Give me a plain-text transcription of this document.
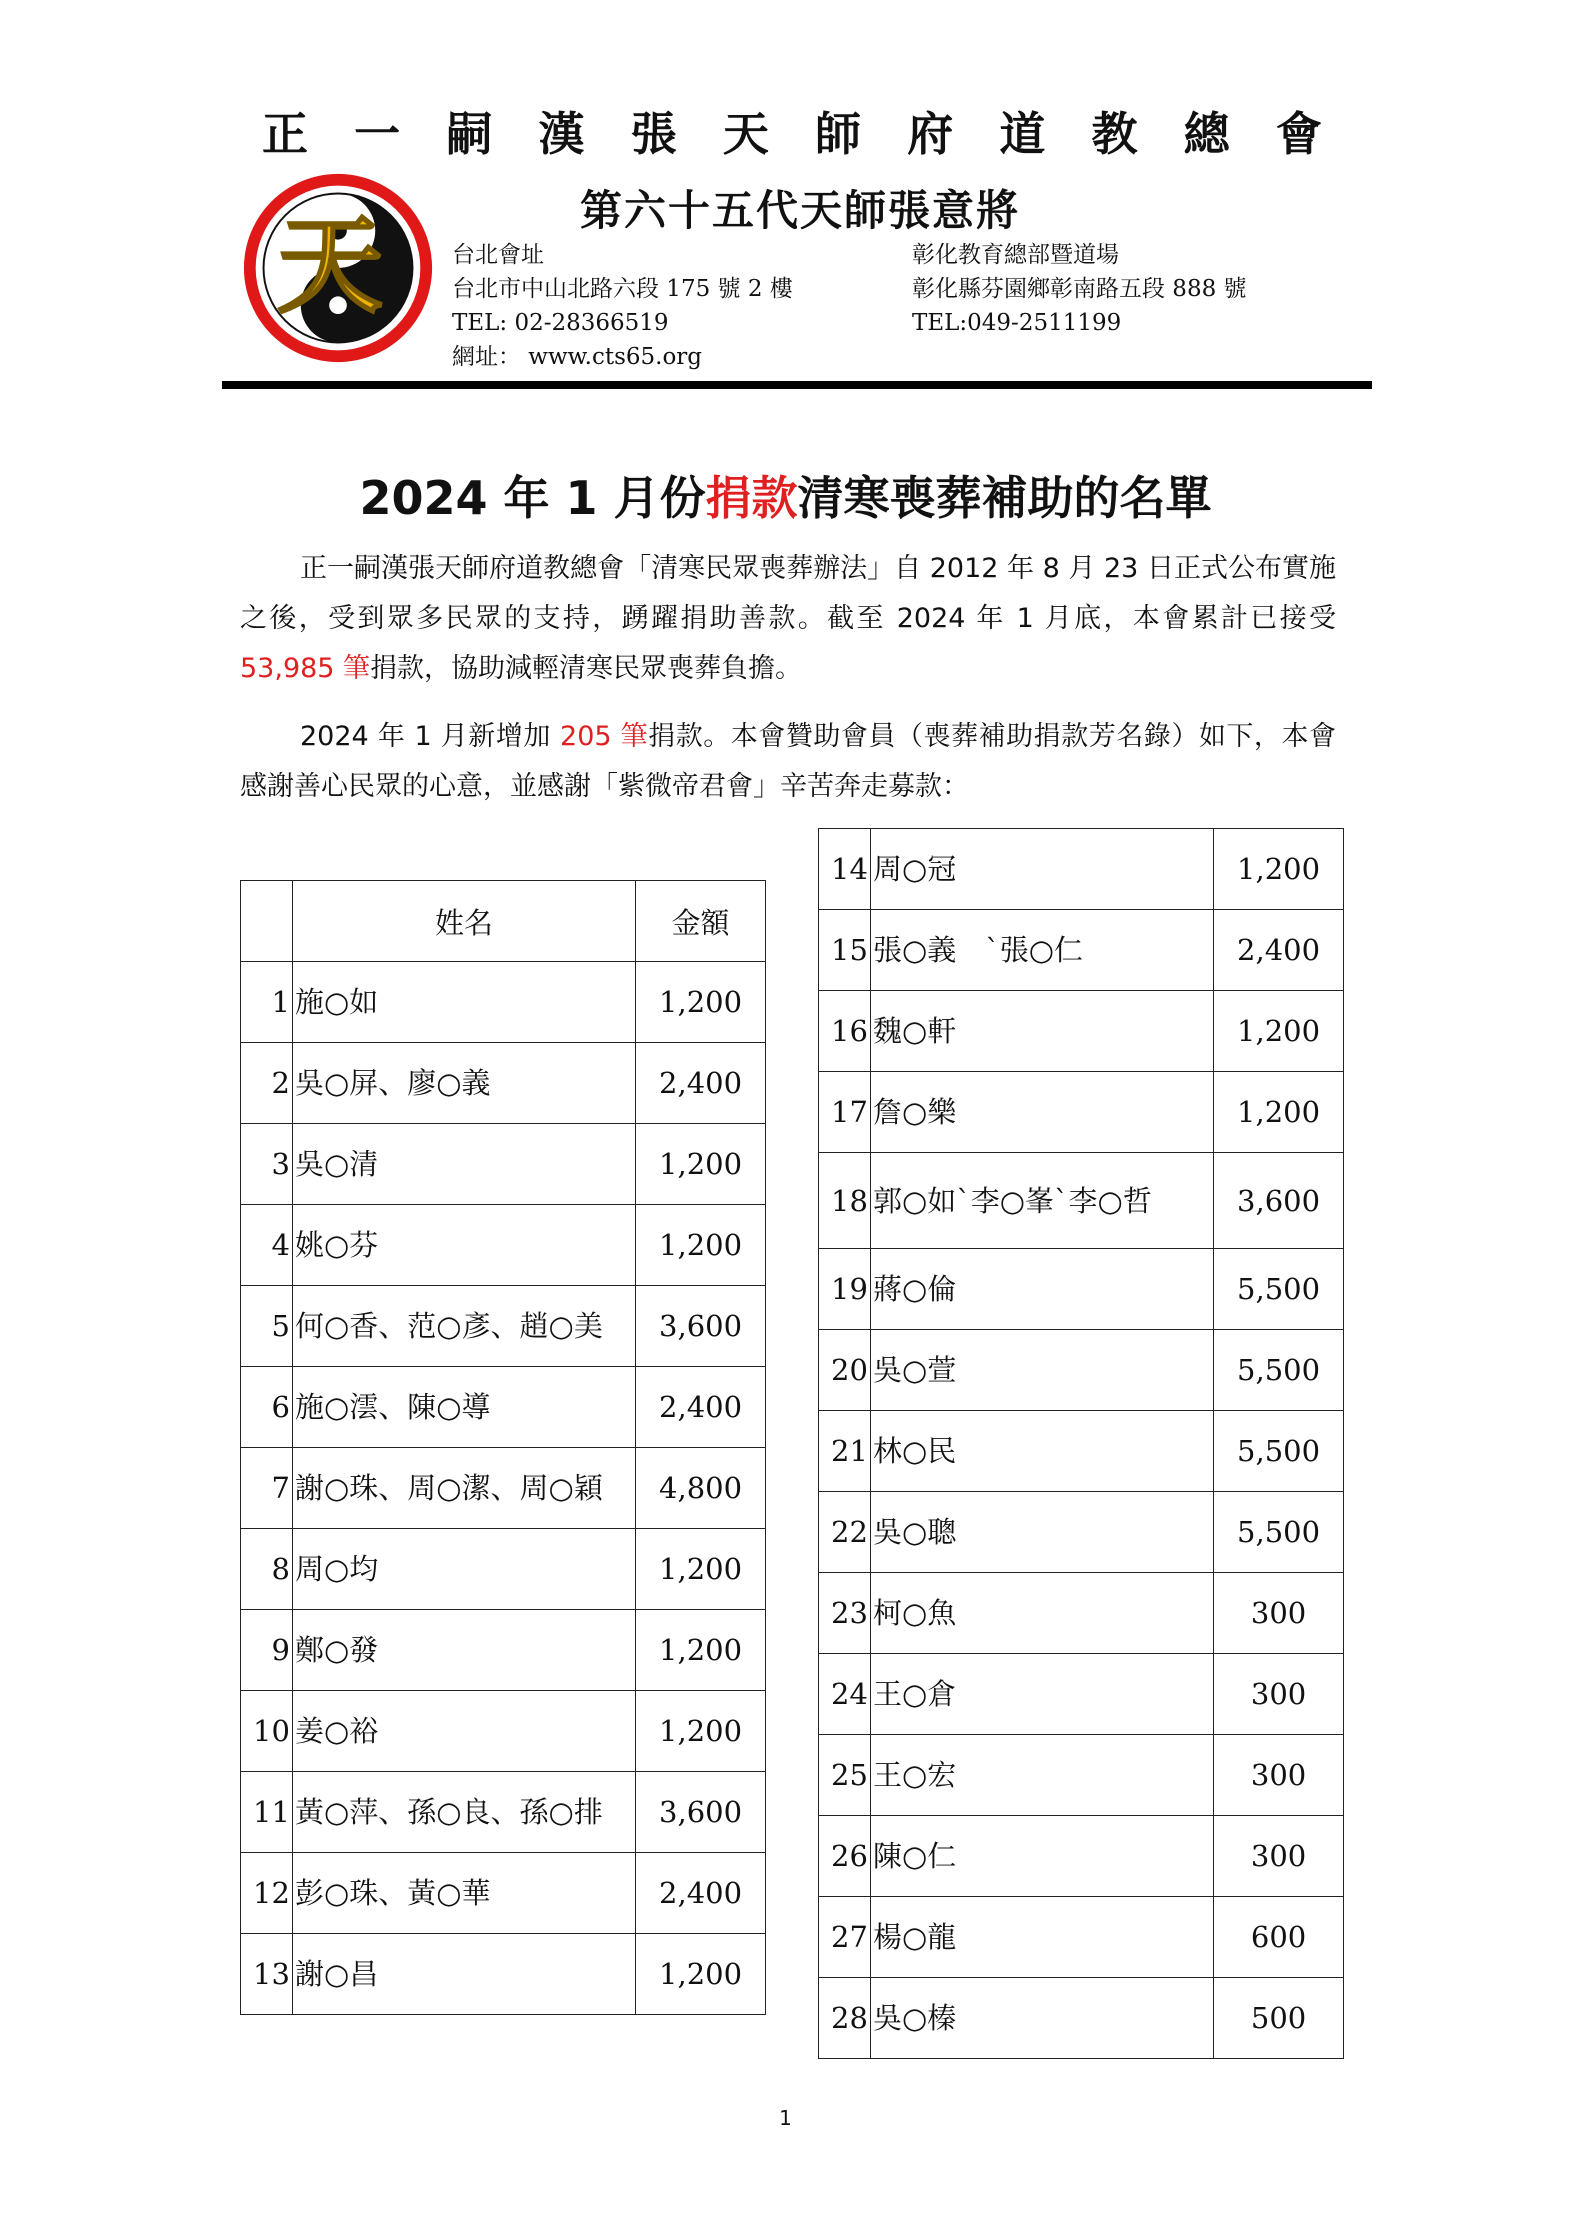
正 一 嗣 漢 張 天 師 府 道 教 總 會
第六十五代天師張意將
天	台北會址
台北市中山北路六段 175 號 2 樓
TEL: 02-28366519
網址： www.cts65.org
彰化教育總部暨道場
彰化縣芬園鄉彰南路五段 888 號
TEL:049-2511199
2024 年 1 月份捐款清寒喪葬補助的名單
正一嗣漢張天師府道教總會「清寒民眾喪葬辦法」自 2012 年 8 月 23 日正式公布實施之後，受到眾多民眾的支持，踴躍捐助善款。截至 2024 年 1 月底，本會累計已接受 53,985 筆捐款，協助減輕清寒民眾喪葬負擔。
2024 年 1 月新增加 205 筆捐款。本會贊助會員（喪葬補助捐款芳名錄）如下，本會感謝善心民眾的心意，並感謝「紫微帝君會」辛苦奔走募款：
	姓名	金額
1	施○如	1,200
2	吳○屏、廖○義	2,400
3	吳○清	1,200
4	姚○芬	1,200
5	何○香、范○彥、趙○美	3,600
6	施○澐、陳○導	2,400
7	謝○珠、周○潔、周○穎	4,800
8	周○均	1,200
9	鄭○發	1,200
10	姜○裕	1,200
11	黃○萍、孫○良、孫○排	3,600
12	彭○珠、黃○華	2,400
13	謝○昌	1,200
14	周○冠	1,200
15	張○義　`張○仁	2,400
16	魏○軒	1,200
17	詹○樂	1,200
18	郭○如`李○峯`李○哲	3,600
19	蔣○倫	5,500
20	吳○萱	5,500
21	林○民	5,500
22	吳○聰	5,500
23	柯○魚	300
24	王○倉	300
25	王○宏	300
26	陳○仁	300
27	楊○龍	600
28	吳○榛	500
1
